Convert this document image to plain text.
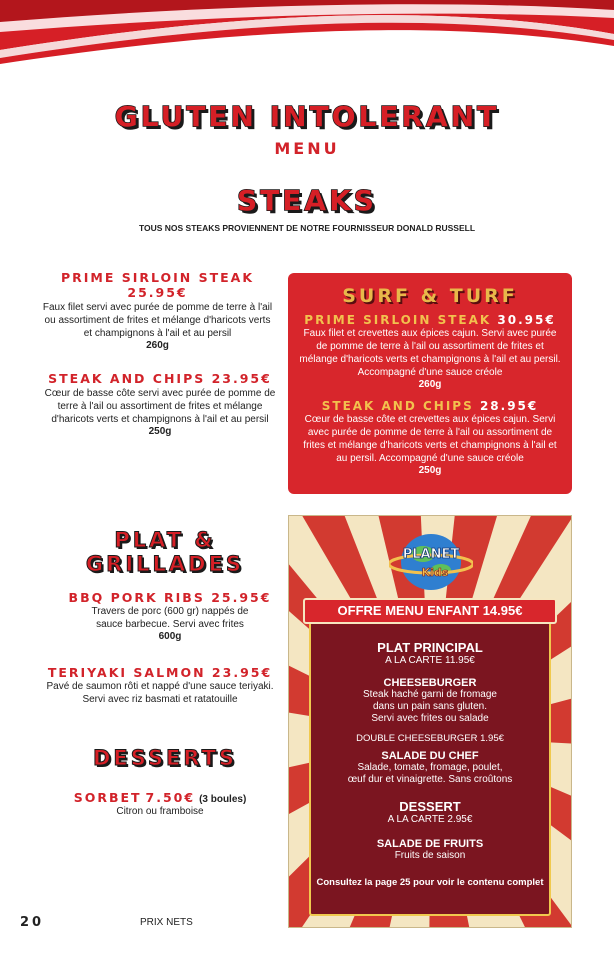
GLUTEN INTOLERANT
MENU
STEAKS
TOUS NOS STEAKS PROVIENNENT DE NOTRE FOURNISSEUR DONALD RUSSELL
PRIME SIRLOIN STEAK
25.95€
Faux filet servi avec purée de pomme de terre à l'ail ou assortiment de frites et mélange d'haricots verts et champignons à l'ail et au persil
260g
STEAK AND CHIPS 23.95€
Cœur de basse côte servi avec purée de pomme de terre à l'ail ou assortiment de frites et mélange d'haricots verts et champignons à l'ail et au persil
250g
SURF & TURF
PRIME SIRLOIN STEAK 30.95€
Faux filet et crevettes aux épices cajun. Servi avec purée de pomme de terre à l'ail ou assortiment de frites et mélange d'haricots verts et champignons à l'ail et au persil. Accompagné d'une sauce créole
260g
STEAK AND CHIPS 28.95€
Cœur de basse côte et crevettes aux épices cajun. Servi avec purée de pomme de terre à l'ail ou assortiment de frites et mélange d'haricots verts et champignons à l'ail et au persil. Accompagné d'une sauce créole
250g
PLAT &
GRILLADES
BBQ PORK RIBS 25.95€
Travers de porc (600 gr) nappés de sauce barbecue. Servi avec frites
600g
TERIYAKI SALMON 23.95€
Pavé de saumon rôti et nappé d'une sauce teriyaki. Servi avec riz basmati et ratatouille
DESSERTS
SORBET 7.50€ (3 boules)
Citron ou framboise
PLANET
Kids
OFFRE MENU ENFANT 14.95€
PLAT PRINCIPAL
A LA CARTE 11.95€
CHEESEBURGER
Steak haché garni de fromage
dans un pain sans gluten.
Servi avec frites ou salade
DOUBLE CHEESEBURGER 1.95€
SALADE DU CHEF
Salade, tomate, fromage, poulet,
œuf dur et vinaigrette. Sans croûtons
DESSERT
A LA CARTE 2.95€
SALADE DE FRUITS
Fruits de saison
Consultez la page 25 pour voir le contenu complet
20	PRIX NETS
